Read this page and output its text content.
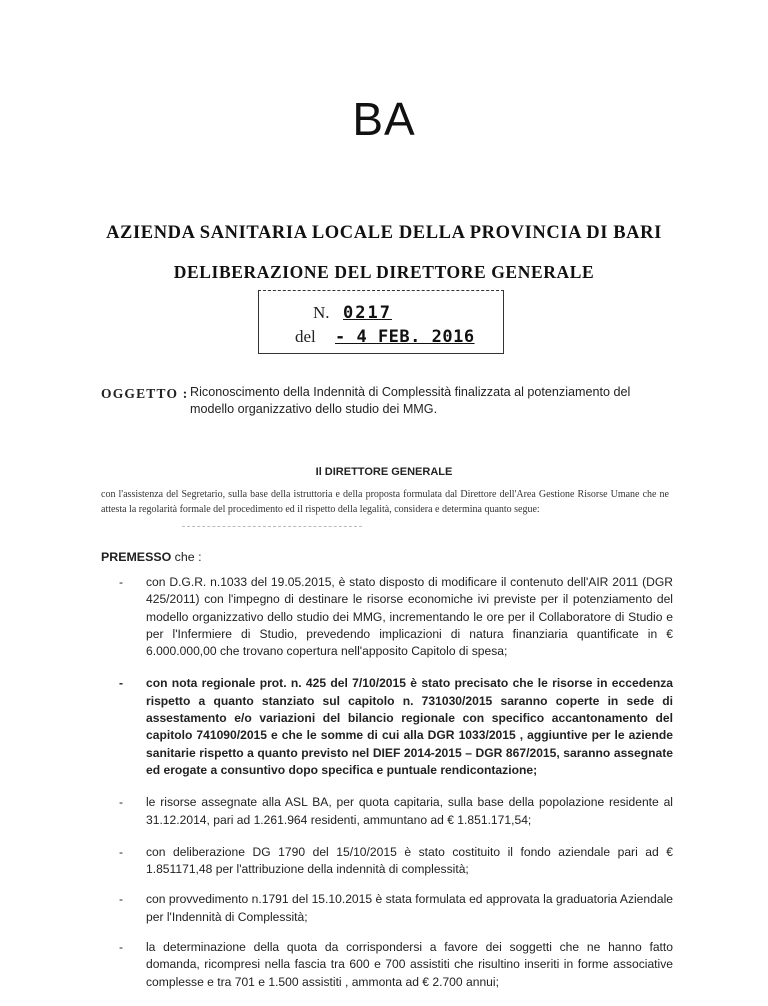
BA
AZIENDA SANITARIA LOCALE DELLA PROVINCIA DI BARI
DELIBERAZIONE DEL DIRETTORE GENERALE
N. 0217
del - 4 FEB. 2016
OGGETTO : Riconoscimento della Indennità di Complessità finalizzata al potenziamento del modello organizzativo dello studio dei MMG.
Il DIRETTORE GENERALE
con l'assistenza del Segretario, sulla base della istruttoria e della proposta formulata dal Direttore dell'Area Gestione Risorse Umane che ne attesta la regolarità formale del procedimento ed il rispetto della legalità, considera e determina quanto segue:
PREMESSO che :
- con D.G.R. n.1033 del 19.05.2015, è stato disposto di modificare il contenuto dell'AIR 2011 (DGR 425/2011) con l'impegno di destinare le risorse economiche ivi previste per il potenziamento del modello organizzativo dello studio dei MMG, incrementando le ore per il Collaboratore di Studio e per l'Infermiere di Studio, prevedendo implicazioni di natura finanziaria quantificate in € 6.000.000,00 che trovano copertura nell'apposito Capitolo di spesa;
- con nota regionale prot. n. 425 del 7/10/2015 è stato precisato che le risorse in eccedenza rispetto a quanto stanziato sul capitolo n. 731030/2015 saranno coperte in sede di assestamento e/o variazioni del bilancio regionale con specifico accantonamento del capitolo 741090/2015 e che le somme di cui alla DGR 1033/2015 , aggiuntive per le aziende sanitarie rispetto a quanto previsto nel DIEF 2014-2015 – DGR 867/2015, saranno assegnate ed erogate a consuntivo dopo specifica e puntuale rendicontazione;
- le risorse assegnate alla ASL BA, per quota capitaria, sulla base della popolazione residente al 31.12.2014, pari ad 1.261.964 residenti, ammuntano ad € 1.851.171,54;
- con deliberazione DG 1790 del 15/10/2015 è stato costituito il fondo aziendale pari ad € 1.851171,48 per l'attribuzione della indennità di complessità;
- con provvedimento n.1791 del 15.10.2015 è stata formulata ed approvata la graduatoria Aziendale per l'Indennità di Complessità;
- la determinazione della quota da corrispondersi a favore dei soggetti che ne hanno fatto domanda, ricompresi nella fascia tra 600 e 700 assistiti che risultino inseriti in forme associative complesse e tra 701 e 1.500 assistiti , ammonta ad € 2.700 annui;
